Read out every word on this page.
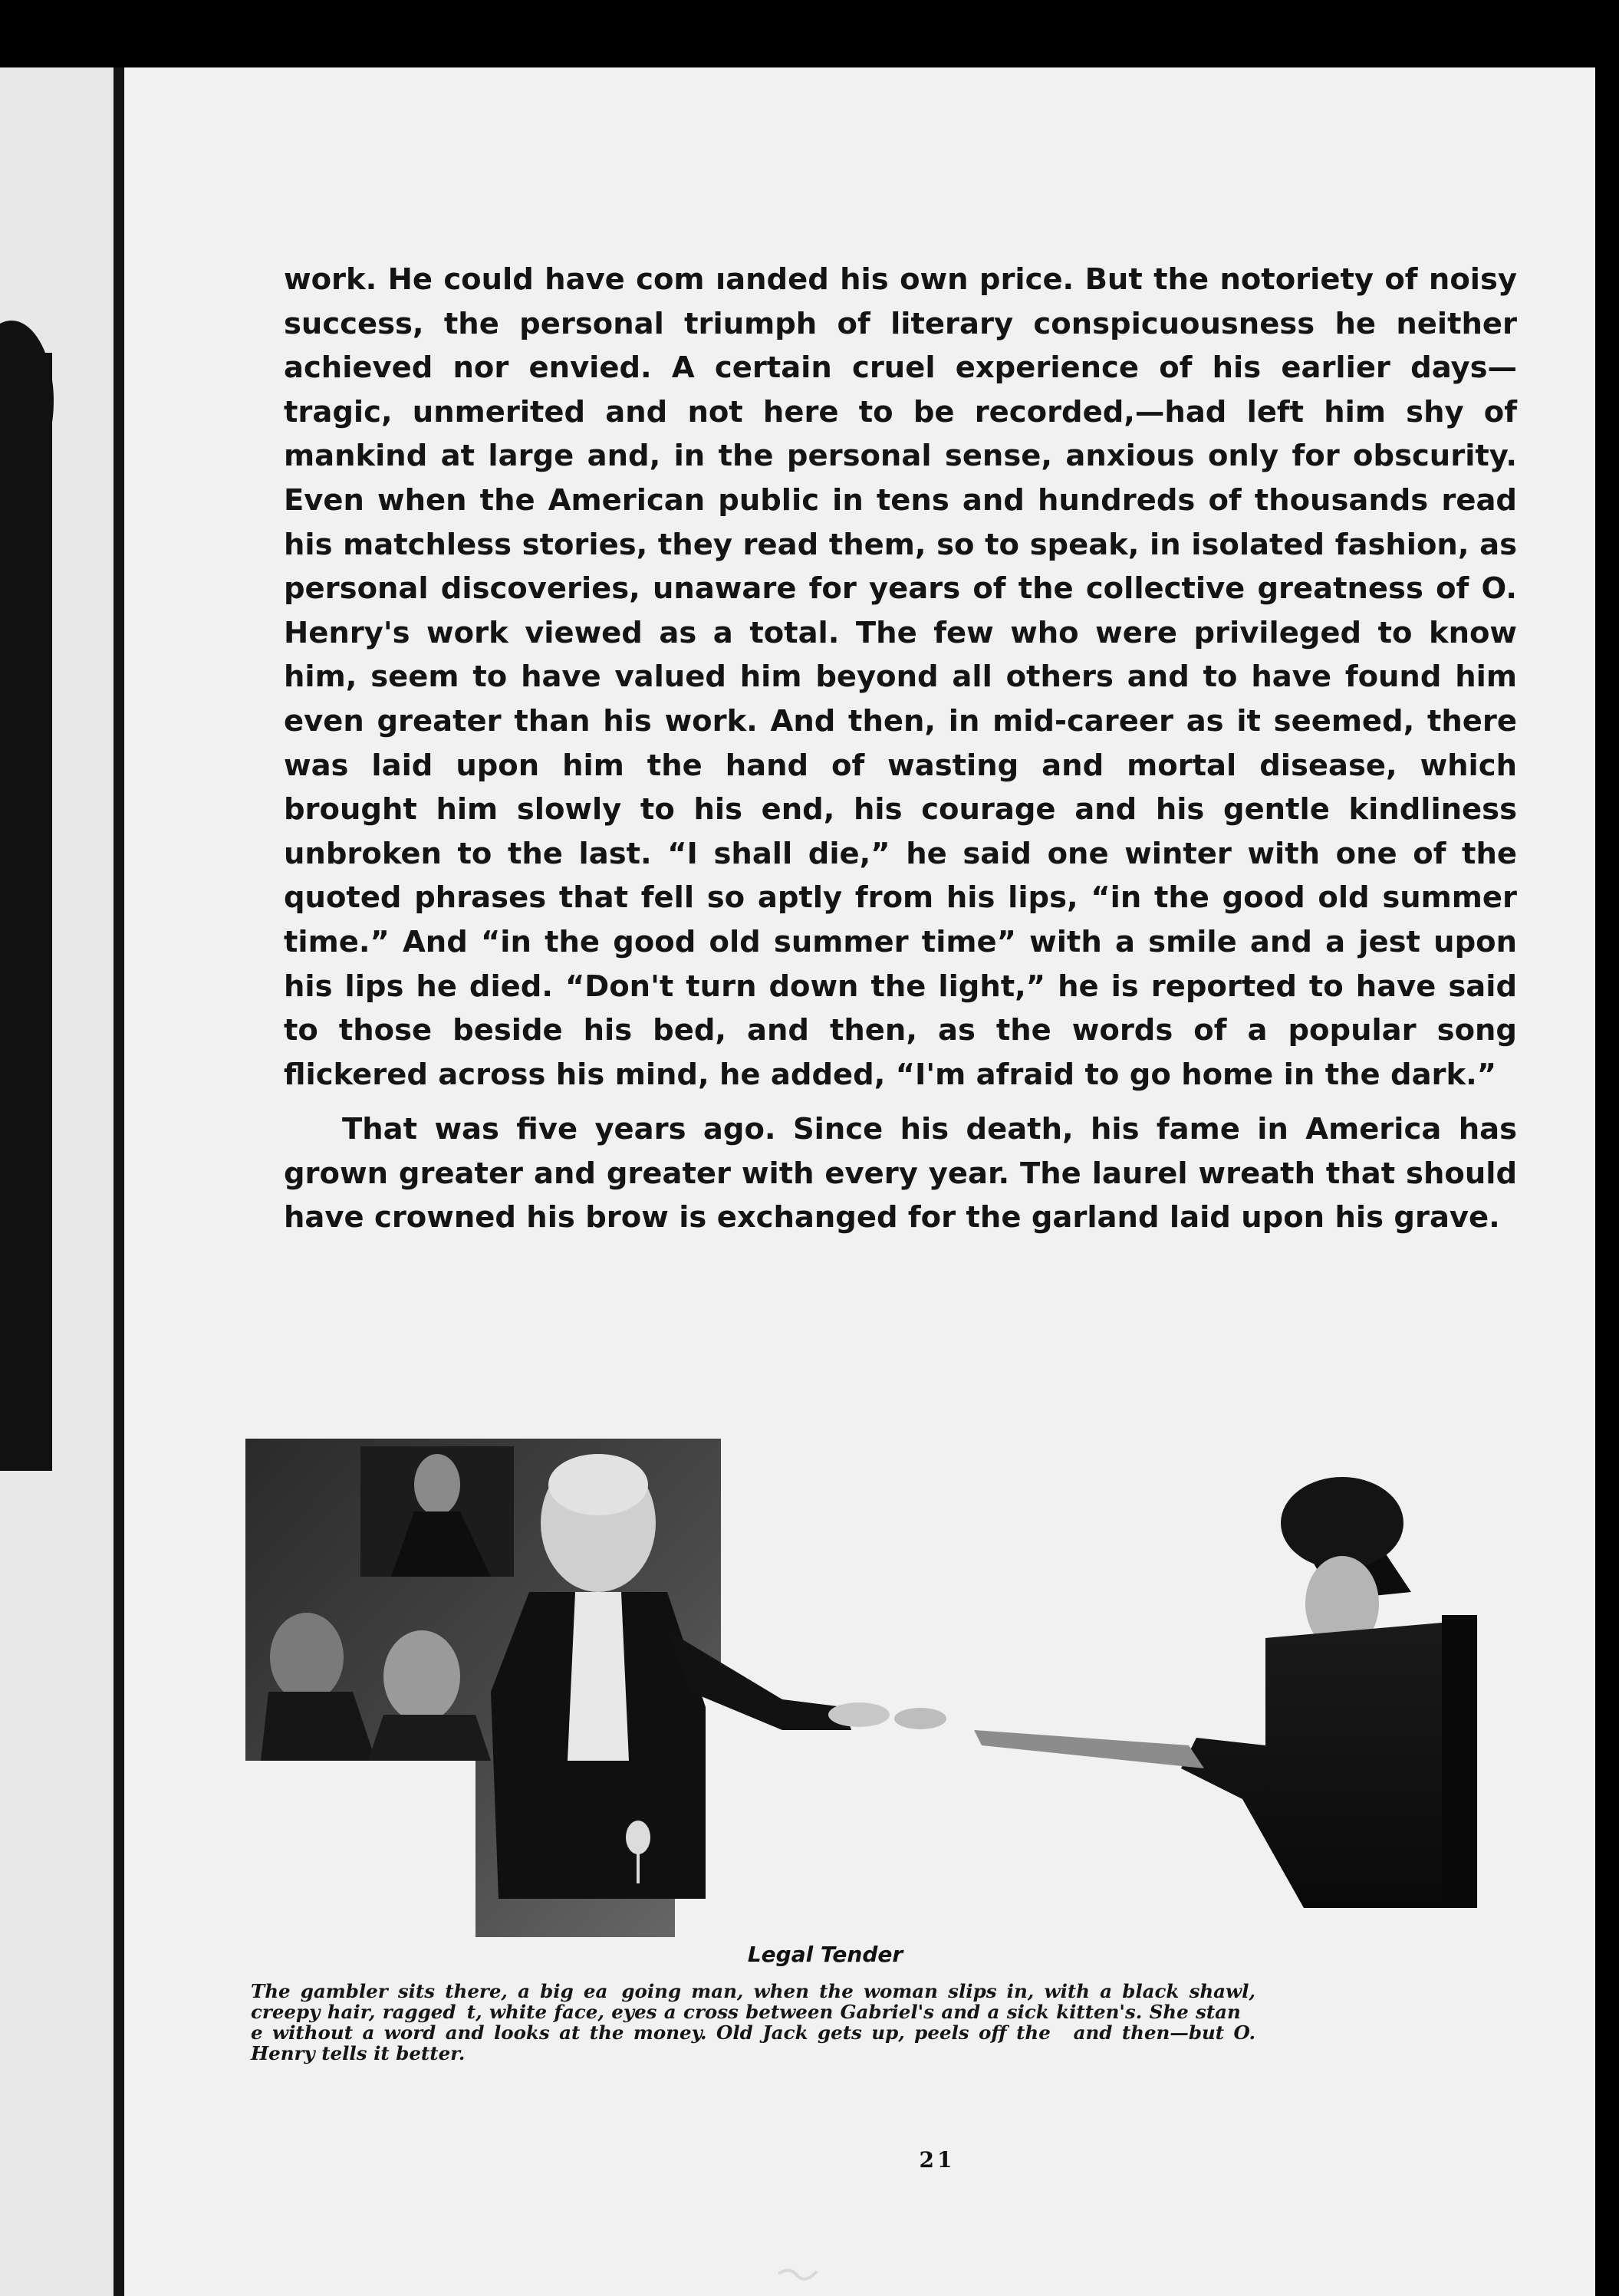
work. He could have com ıanded his own price. But the notoriety of noisy success, the personal triumph of literary conspicuousness he neither achieved nor envied. A certain cruel experience of his earlier days—tragic, unmerited and not here to be recorded,—had left him shy of mankind at large and, in the personal sense, anxious only for obscurity. Even when the American public in tens and hundreds of thousands read his matchless stories, they read them, so to speak, in isolated fashion, as personal discoveries, unaware for years of the collective greatness of O. Henry's work viewed as a total. The few who were privileged to know him, seem to have valued him beyond all others and to have found him even greater than his work. And then, in mid-career as it seemed, there was laid upon him the hand of wasting and mortal disease, which brought him slowly to his end, his courage and his gentle kindliness unbroken to the last. “I shall die,” he said one winter with one of the quoted phrases that fell so aptly from his lips, “in the good old summer time.” And “in the good old summer time” with a smile and a jest upon his lips he died. “Don't turn down the light,” he is reported to have said to those beside his bed, and then, as the words of a popular song flickered across his mind, he added, “I'm afraid to go home in the dark.”

That was five years ago. Since his death, his fame in America has grown greater and greater with every year. The laurel wreath that should have crowned his brow is exchanged for the garland laid upon his grave.

Legal Tender
The gambler sits there, a big ea  going man, when the woman slips in, with a black shawl, creepy hair, ragged  t, white face, eyes a cross between Gabriel's and a sick kitten's. She stan   e without a word and looks at the money. Old Jack gets up, peels off the   and then—but O. Henry tells it better.
21
